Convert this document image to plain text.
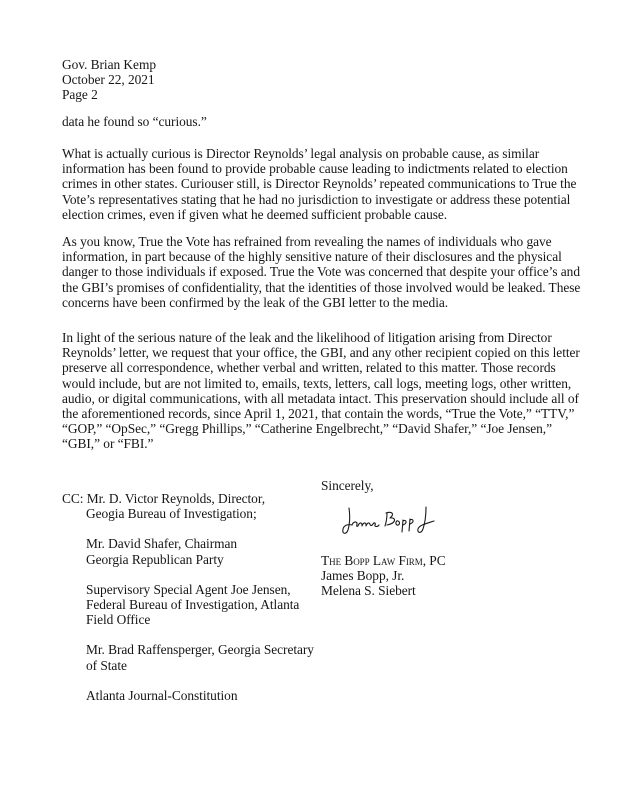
Gov. Brian Kemp
October 22, 2021
Page 2
data he found so “curious.”
What is actually curious is Director Reynolds’ legal analysis on probable cause, as similar
information has been found to provide probable cause leading to indictments related to election
crimes in other states. Curiouser still, is Director Reynolds’ repeated communications to True the
Vote’s representatives stating that he had no jurisdiction to investigate or address these potential
election crimes, even if given what he deemed sufficient probable cause.
As you know, True the Vote has refrained from revealing the names of individuals who gave
information, in part because of the highly sensitive nature of their disclosures and the physical
danger to those individuals if exposed. True the Vote was concerned that despite your office’s and
the GBI’s promises of confidentiality, that the identities of those involved would be leaked. These
concerns have been confirmed by the leak of the GBI letter to the media.
In light of the serious nature of the leak and the likelihood of litigation arising from Director
Reynolds’ letter, we request that your office, the GBI, and any other recipient copied on this letter
preserve all correspondence, whether verbal and written, related to this matter. Those records
would include, but are not limited to, emails, texts, letters, call logs, meeting logs, other written,
audio, or digital communications, with all metadata intact. This preservation should include all of
the aforementioned records, since April 1, 2021, that contain the words, “True the Vote,” “TTV,”
“GOP,” “OpSec,” “Gregg Phillips,” “Catherine Engelbrecht,” “David Shafer,” “Joe Jensen,”
“GBI,” or “FBI.”
Sincerely,
The Bopp Law Firm, PC
James Bopp, Jr.
Melena S. Siebert
CC: Mr. D. Victor Reynolds, Director,
Geogia Bureau of Investigation;
Mr. David Shafer, Chairman
Georgia Republican Party
Supervisory Special Agent Joe Jensen,
Federal Bureau of Investigation, Atlanta
Field Office
Mr. Brad Raffensperger, Georgia Secretary
of State
Atlanta Journal-Constitution
